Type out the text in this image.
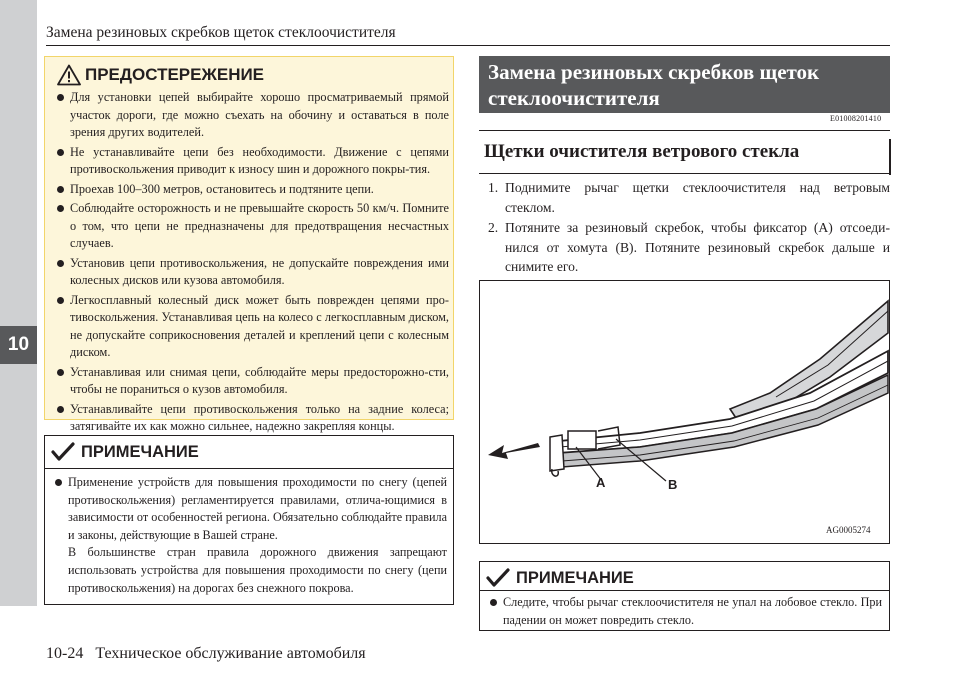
10
Замена резиновых скребков щеток стеклоочистителя
ПРЕДОСТЕРЕЖЕНИЕ
Для установки цепей выбирайте хорошо просматриваемый прямой участок дороги, где можно съехать на обочину и оставаться в поле зрения других водителей.
Не устанавливайте цепи без необходимости. Движение с цепями противоскольжения приводит к износу шин и дорожного покры-тия.
Проехав 100–300 метров, остановитесь и подтяните цепи.
Соблюдайте осторожность и не превышайте скорость 50 км/ч. Помните о том, что цепи не предназначены для предотвращения несчастных случаев.
Установив цепи противоскольжения, не допускайте повреждения ими колесных дисков или кузова автомобиля.
Легкосплавный колесный диск может быть поврежден цепями про-тивоскольжения. Устанавливая цепь на колесо с легкосплавным диском, не допускайте соприкосновения деталей и креплений цепи с колесным диском.
Устанавливая или снимая цепи, соблюдайте меры предосторожно-сти, чтобы не пораниться о кузов автомобиля.
Устанавливайте цепи противоскольжения только на задние колеса; затягивайте их как можно сильнее, надежно закрепляя концы.
ПРИМЕЧАНИЕ

Применение устройств для повышения проходимости по снегу (цепей противоскольжения) регламентируется правилами, отлича-ющимися в зависимости от особенностей региона. Обязательно соблюдайте правила и законы, действующие в Вашей стране.

В большинстве стран правила дорожного движения запрещают использовать устройства для повышения проходимости по снегу (цепи противоскольжения) на дорогах без снежного покрова.

Замена резиновых скребков щеток
стеклоочистителя
E01008201410
Щетки очистителя ветрового стекла
1. Поднимите рычаг щетки стеклоочистителя над ветровым стеклом.
2. Потяните за резиновый скребок, чтобы фиксатор (A) отсоеди-нился от хомута (B). Потяните резиновый скребок дальше и снимите его.
A	B
AG0005274
ПРИМЕЧАНИЕ
Следите, чтобы рычаг стеклоочистителя не упал на лобовое стекло. При падении он может повредить стекло.
10-24 Техническое обслуживание автомобиля
